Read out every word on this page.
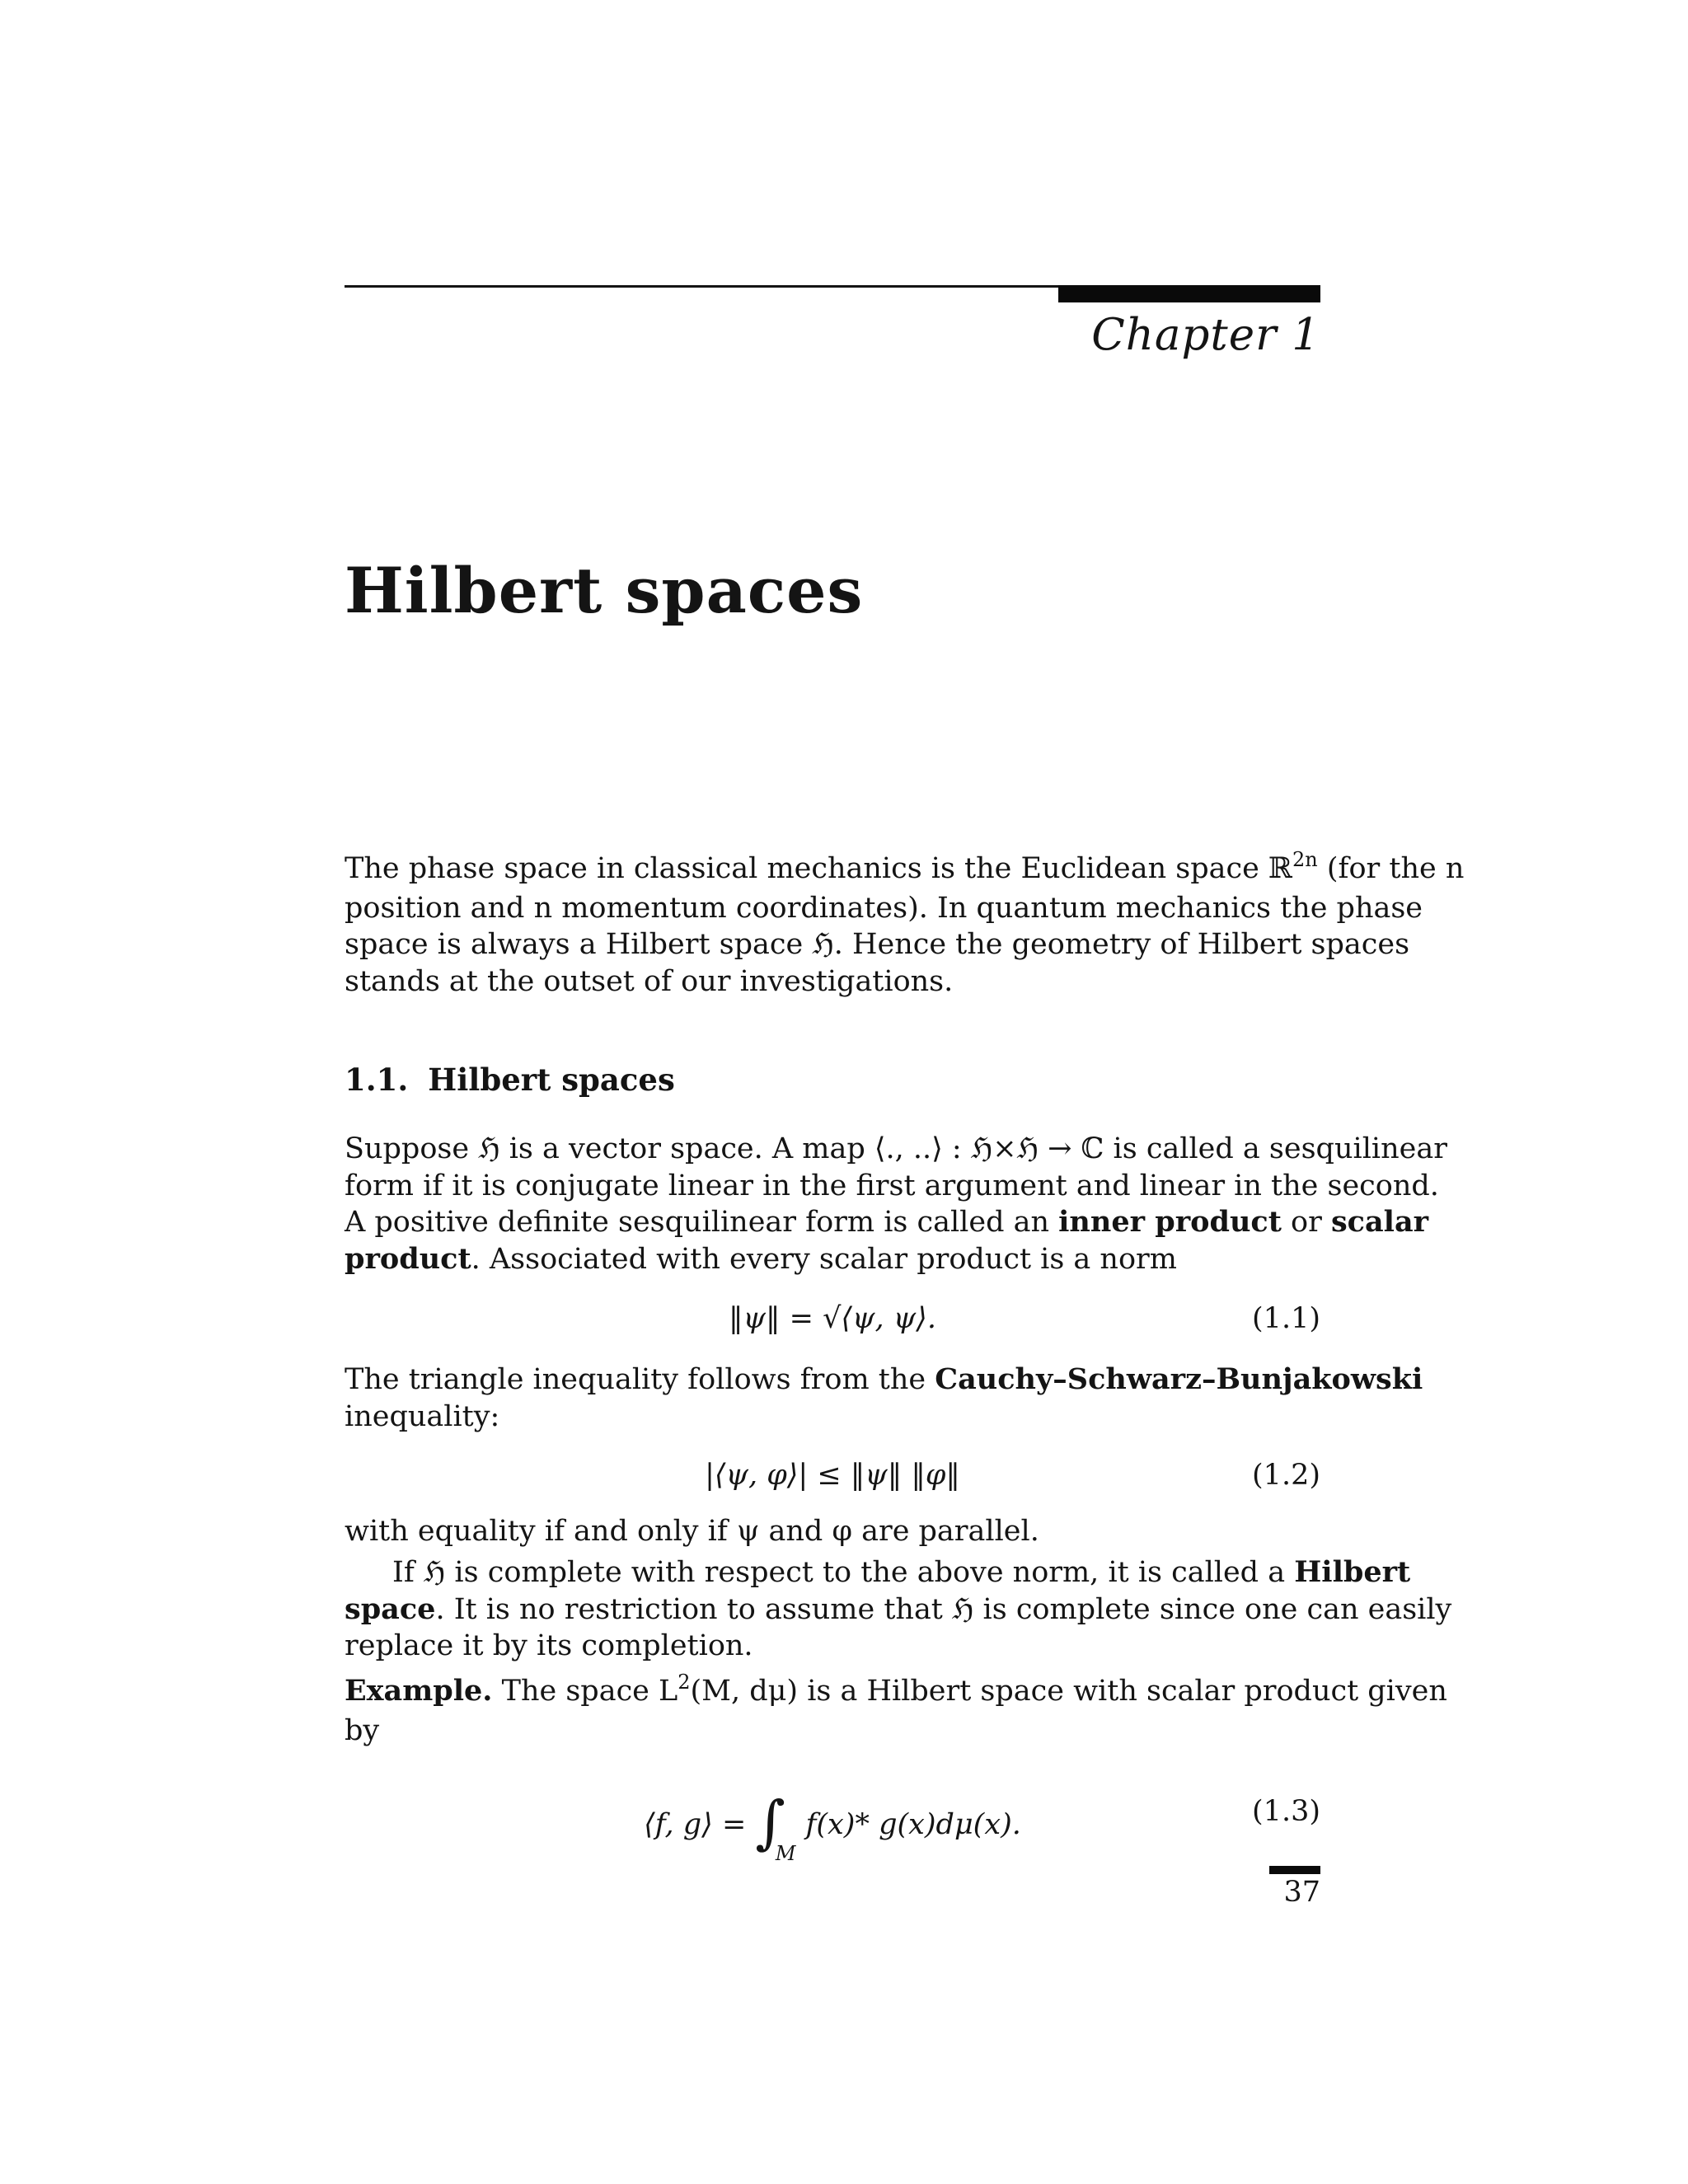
Chapter 1
Hilbert spaces
The phase space in classical mechanics is the Euclidean space ℝ$^{2n}$ (for the n
position and n momentum coordinates). In quantum mechanics the phase
space is always a Hilbert space ℌ. Hence the geometry of Hilbert spaces
stands at the outset of our investigations.
1.1. Hilbert spaces
Suppose ℌ is a vector space. A map ⟨., ..⟩ : ℌ×ℌ → ℂ is called a sesquilinear
form if it is conjugate linear in the first argument and linear in the second.
A positive definite sesquilinear form is called an inner product or scalar
product. Associated with every scalar product is a norm
‖ψ‖ = √⟨ψ, ψ⟩.	(1.1)
The triangle inequality follows from the Cauchy–Schwarz–Bunjakowski
inequality:
|⟨ψ, φ⟩| ≤ ‖ψ‖ ‖φ‖	(1.2)
with equality if and only if ψ and φ are parallel.
If ℌ is complete with respect to the above norm, it is called a Hilbert
space. It is no restriction to assume that ℌ is complete since one can easily
replace it by its completion.
Example. The space $L^2(M$, dμ) is a Hilbert space with scalar product given
by
⟨f, g⟩ = $\int_Mf(x)*$ g(x)dμ(x).	(1.3)
37
